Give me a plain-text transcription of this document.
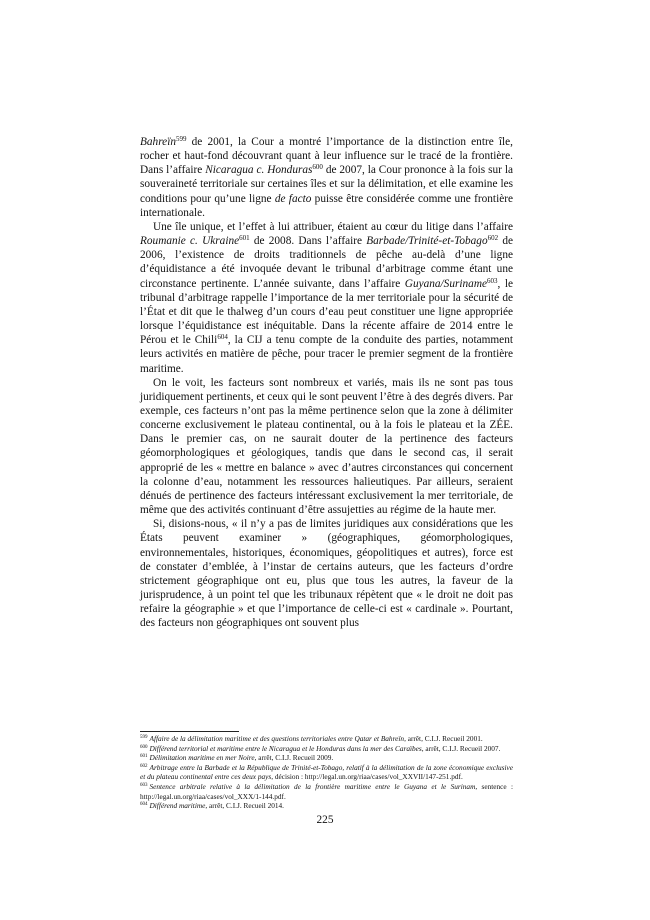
Bahreïn$^{599}$ de 2001, la Cour a montré l’importance de la distinction entre île, rocher et haut-fond découvrant quant à leur influence sur le tracé de la frontière. Dans l’affaire Nicaragua c. Honduras$^{600}$ de 2007, la Cour prononce à la fois sur la souveraineté territoriale sur certaines îles et sur la délimitation, et elle examine les conditions pour qu’une ligne de facto puisse être considérée comme une frontière internationale.

Une île unique, et l’effet à lui attribuer, étaient au cœur du litige dans l’affaire Roumanie c. Ukraine$^{601}$ de 2008. Dans l’affaire Barbade/Trinité-et-Tobago$^{602}$ de 2006, l’existence de droits traditionnels de pêche au-delà d’une ligne d’équidistance a été invoquée devant le tribunal d’arbitrage comme étant une circonstance pertinente. L’année suivante, dans l’affaire Guyana/Suriname$^{603}$, le tribunal d’arbitrage rappelle l’importance de la mer territoriale pour la sécurité de l’État et dit que le thalweg d’un cours d’eau peut constituer une ligne appropriée lorsque l’équidistance est inéquitable. Dans la récente affaire de 2014 entre le Pérou et le Chili$^{604}$, la CIJ a tenu compte de la conduite des parties, notamment leurs activités en matière de pêche, pour tracer le premier segment de la frontière maritime.

On le voit, les facteurs sont nombreux et variés, mais ils ne sont pas tous juridiquement pertinents, et ceux qui le sont peuvent l’être à des degrés divers. Par exemple, ces facteurs n’ont pas la même pertinence selon que la zone à délimiter concerne exclusivement le plateau continental, ou à la fois le plateau et la ZÉE. Dans le premier cas, on ne saurait douter de la pertinence des facteurs géomorphologiques et géologiques, tandis que dans le second cas, il serait approprié de les « mettre en balance » avec d’autres circonstances qui concernent la colonne d’eau, notamment les ressources halieutiques. Par ailleurs, seraient dénués de pertinence des facteurs intéressant exclusivement la mer territoriale, de même que des activités continuant d’être assujetties au régime de la haute mer.

Si, disions-nous, « il n’y a pas de limites juridiques aux considérations que les États peuvent examiner » (géographiques, géomorphologiques, environnementales, historiques, économiques, géopolitiques et autres), force est de constater d’emblée, à l’instar de certains auteurs, que les facteurs d’ordre strictement géographique ont eu, plus que tous les autres, la faveur de la jurisprudence, à un point tel que les tribunaux répètent que « le droit ne doit pas refaire la géographie » et que l’importance de celle-ci est « cardinale ». Pourtant, des facteurs non géographiques ont souvent plus

$^{599}$ Affaire de la délimitation maritime et des questions territoriales entre Qatar et Bahreïn, arrêt, C.I.J. Recueil 2001.

$^{600}$ Différend territorial et maritime entre le Nicaragua et le Honduras dans la mer des Caraïbes, arrêt, C.I.J. Recueil 2007.

$^{601}$ Délimitation maritime en mer Noire, arrêt, C.I.J. Recueil 2009.

$^{602}$ Arbitrage entre la Barbade et la République de Trinité-et-Tobago, relatif à la délimitation de la zone économique exclusive et du plateau continental entre ces deux pays, décision : http://legal.un.org/riaa/cases/vol_XXVII/147-251.pdf.

$^{603}$ Sentence arbitrale relative à la délimitation de la frontière maritime entre le Guyana et le Surinam, sentence : http://legal.un.org/riaa/cases/vol_XXX/1-144.pdf.

$^{604}$ Différend maritime, arrêt, C.I.J. Recueil 2014.

225
